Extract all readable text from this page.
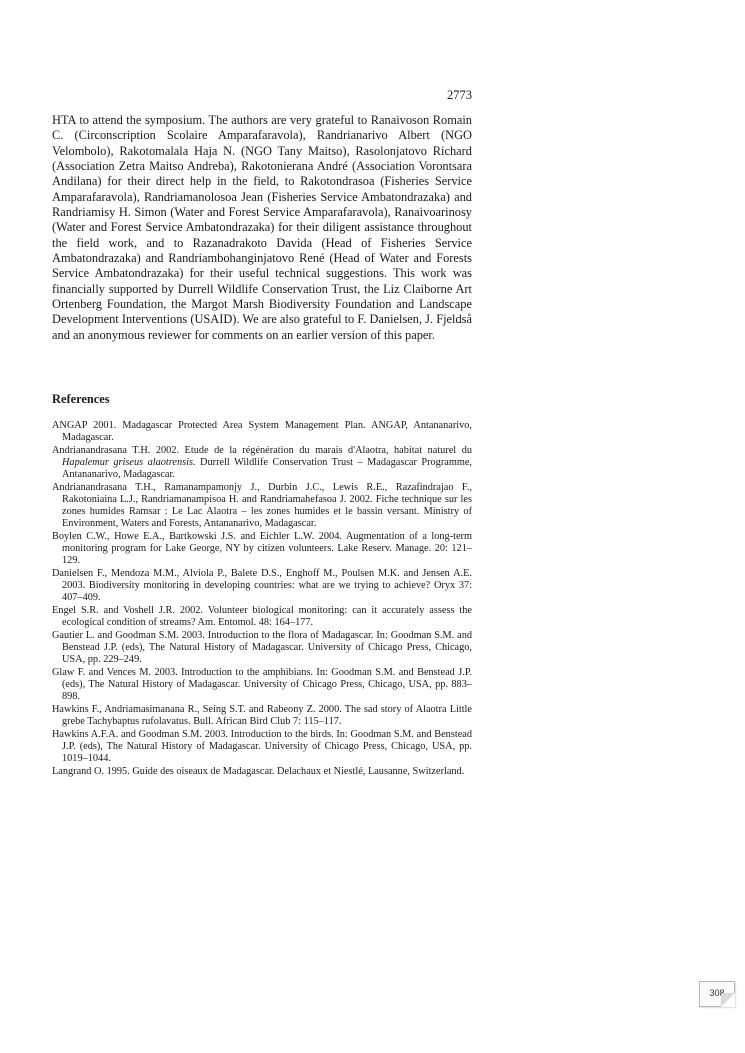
2773

HTA to attend the symposium. The authors are very grateful to Ranaivoson Romain C. (Circonscription Scolaire Amparafaravola), Randrianarivo Albert (NGO Velombolo), Rakotomalala Haja N. (NGO Tany Maitso), Rasolonjatovo Richard (Association Zetra Maitso Andreba), Rakotonierana André (Association Vorontsara Andilana) for their direct help in the field, to Rakotondrasoa (Fisheries Service Amparafaravola), Randriamanolosoa Jean (Fisheries Service Ambatondrazaka) and Randriamisy H. Simon (Water and Forest Service Amparafaravola), Ranaivoarinosy (Water and Forest Service Ambatondrazaka) for their diligent assistance throughout the field work, and to Razanadrakoto Davida (Head of Fisheries Service Ambatondrazaka) and Randriambohanginjatovo René (Head of Water and Forests Service Ambatondrazaka) for their useful technical suggestions. This work was financially supported by Durrell Wildlife Conservation Trust, the Liz Claiborne Art Ortenberg Foundation, the Margot Marsh Biodiversity Foundation and Landscape Development Interventions (USAID). We are also grateful to F. Danielsen, J. Fjeldså and an anonymous reviewer for comments on an earlier version of this paper.

References
ANGAP 2001. Madagascar Protected Area System Management Plan. ANGAP, Antananarivo, Madagascar.
Andrianandrasana T.H. 2002. Etude de la régénération du marais d'Alaotra, habitat naturel du Hapalemur griseus alaotrensis. Durrell Wildlife Conservation Trust – Madagascar Programme, Antananarivo, Madagascar.
Andrianandrasana T.H., Ramanampamonjy J., Durbin J.C., Lewis R.E., Razafindrajao F., Rakotoniaina L.J., Randriamanampisoa H. and Randriamahefasoa J. 2002. Fiche technique sur les zones humides Ramsar : Le Lac Alaotra – les zones humides et le bassin versant. Ministry of Environment, Waters and Forests, Antananarivo, Madagascar.
Boylen C.W., Howe E.A., Bartkowski J.S. and Eichler L.W. 2004. Augmentation of a long-term monitoring program for Lake George, NY by citizen volunteers. Lake Reserv. Manage. 20: 121–129.
Danielsen F., Mendoza M.M., Alviola P., Balete D.S., Enghoff M., Poulsen M.K. and Jensen A.E. 2003. Biodiversity monitoring in developing countries: what are we trying to achieve? Oryx 37: 407–409.
Engel S.R. and Voshell J.R. 2002. Volunteer biological monitoring: can it accurately assess the ecological condition of streams? Am. Entomol. 48: 164–177.
Gautier L. and Goodman S.M. 2003. Introduction to the flora of Madagascar. In: Goodman S.M. and Benstead J.P. (eds), The Natural History of Madagascar. University of Chicago Press, Chicago, USA, pp. 229–249.
Glaw F. and Vences M. 2003. Introduction to the amphibians. In: Goodman S.M. and Benstead J.P. (eds), The Natural History of Madagascar. University of Chicago Press, Chicago, USA, pp. 883–898.
Hawkins F., Andriamasimanana R., Seing S.T. and Rabeony Z. 2000. The sad story of Alaotra Little grebe Tachybaptus rufolavatus. Bull. African Bird Club 7: 115–117.
Hawkins A.F.A. and Goodman S.M. 2003. Introduction to the birds. In: Goodman S.M. and Benstead J.P. (eds), The Natural History of Madagascar. University of Chicago Press, Chicago, USA, pp. 1019–1044.
Langrand O. 1995. Guide des oiseaux de Madagascar. Delachaux et Niestlé, Lausanne, Switzerland.
308
